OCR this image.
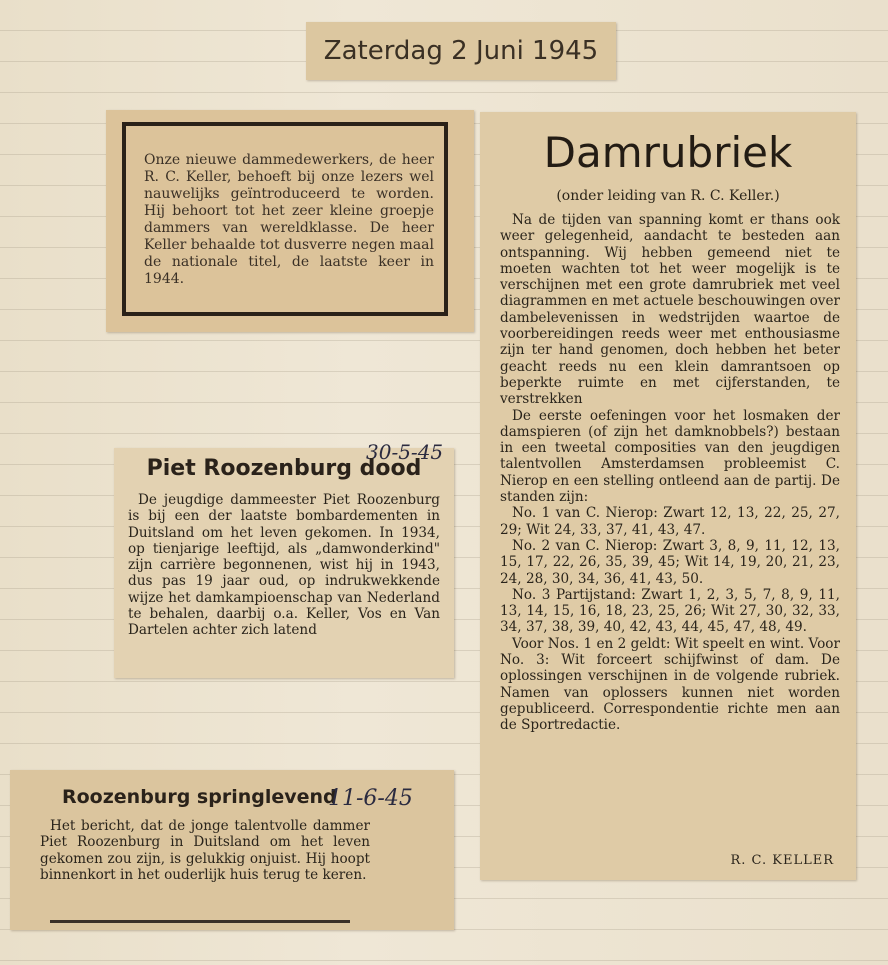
Zaterdag 2 Juni 1945
Onze nieuwe dammedewerkers, de heer R. C. Keller, behoeft bij onze lezers wel nauwelijks geïntroduceerd te worden. Hij behoort tot het zeer kleine groepje dammers van wereldklasse. De heer Keller behaalde tot dusverre negen maal de nationale titel, de laatste keer in 1944.
Damrubriek
(onder leiding van R. C. Keller.)

Na de tijden van spanning komt er thans ook weer gelegenheid, aandacht te besteden aan ontspanning. Wij hebben gemeend niet te moeten wachten tot het weer mogelijk is te verschijnen met een grote damrubriek met veel diagrammen en met actuele beschouwingen over dambelevenissen in wedstrijden waartoe de voorbereidingen reeds weer met enthousiasme zijn ter hand genomen, doch hebben het beter geacht reeds nu een klein damrantsoen op beperkte ruimte en met cijferstanden, te verstrekken

De eerste oefeningen voor het losmaken der damspieren (of zijn het damknobbels?) bestaan in een tweetal composities van den jeugdigen talentvollen Amsterdamsen probleemist C. Nierop en een stelling ontleend aan de partij. De standen zijn:

No. 1 van C. Nierop: Zwart 12, 13, 22, 25, 27, 29; Wit 24, 33, 37, 41, 43, 47.

No. 2 van C. Nierop: Zwart 3, 8, 9, 11, 12, 13, 15, 17, 22, 26, 35, 39, 45; Wit 14, 19, 20, 21, 23, 24, 28, 30, 34, 36, 41, 43, 50.

No. 3 Partijstand: Zwart 1, 2, 3, 5, 7, 8, 9, 11, 13, 14, 15, 16, 18, 23, 25, 26; Wit 27, 30, 32, 33, 34, 37, 38, 39, 40, 42, 43, 44, 45, 47, 48, 49.

Voor Nos. 1 en 2 geldt: Wit speelt en wint. Voor No. 3: Wit forceert schijfwinst of dam. De oplossingen verschijnen in de volgende rubriek. Namen van oplossers kunnen niet worden gepubliceerd. Correspondentie richte men aan de Sportredactie.

R. C. KELLER
30-5-45
Piet Roozenburg dood

De jeugdige dammeester Piet Roozenburg is bij een der laatste bombardementen in Duitsland om het leven gekomen. In 1934, op tienjarige leeftijd, als „damwonderkind" zijn carrière begonnenen, wist hij in 1943, dus pas 19 jaar oud, op indrukwekkende wijze het damkampioenschap van Nederland te behalen, daarbij o.a. Keller, Vos en Van Dartelen achter zich latend

Roozenburg springlevend
11-6-45

Het bericht, dat de jonge talentvolle dammer Piet Roozenburg in Duitsland om het leven gekomen zou zijn, is gelukkig onjuist. Hij hoopt binnenkort in het ouderlijk huis terug te keren.
